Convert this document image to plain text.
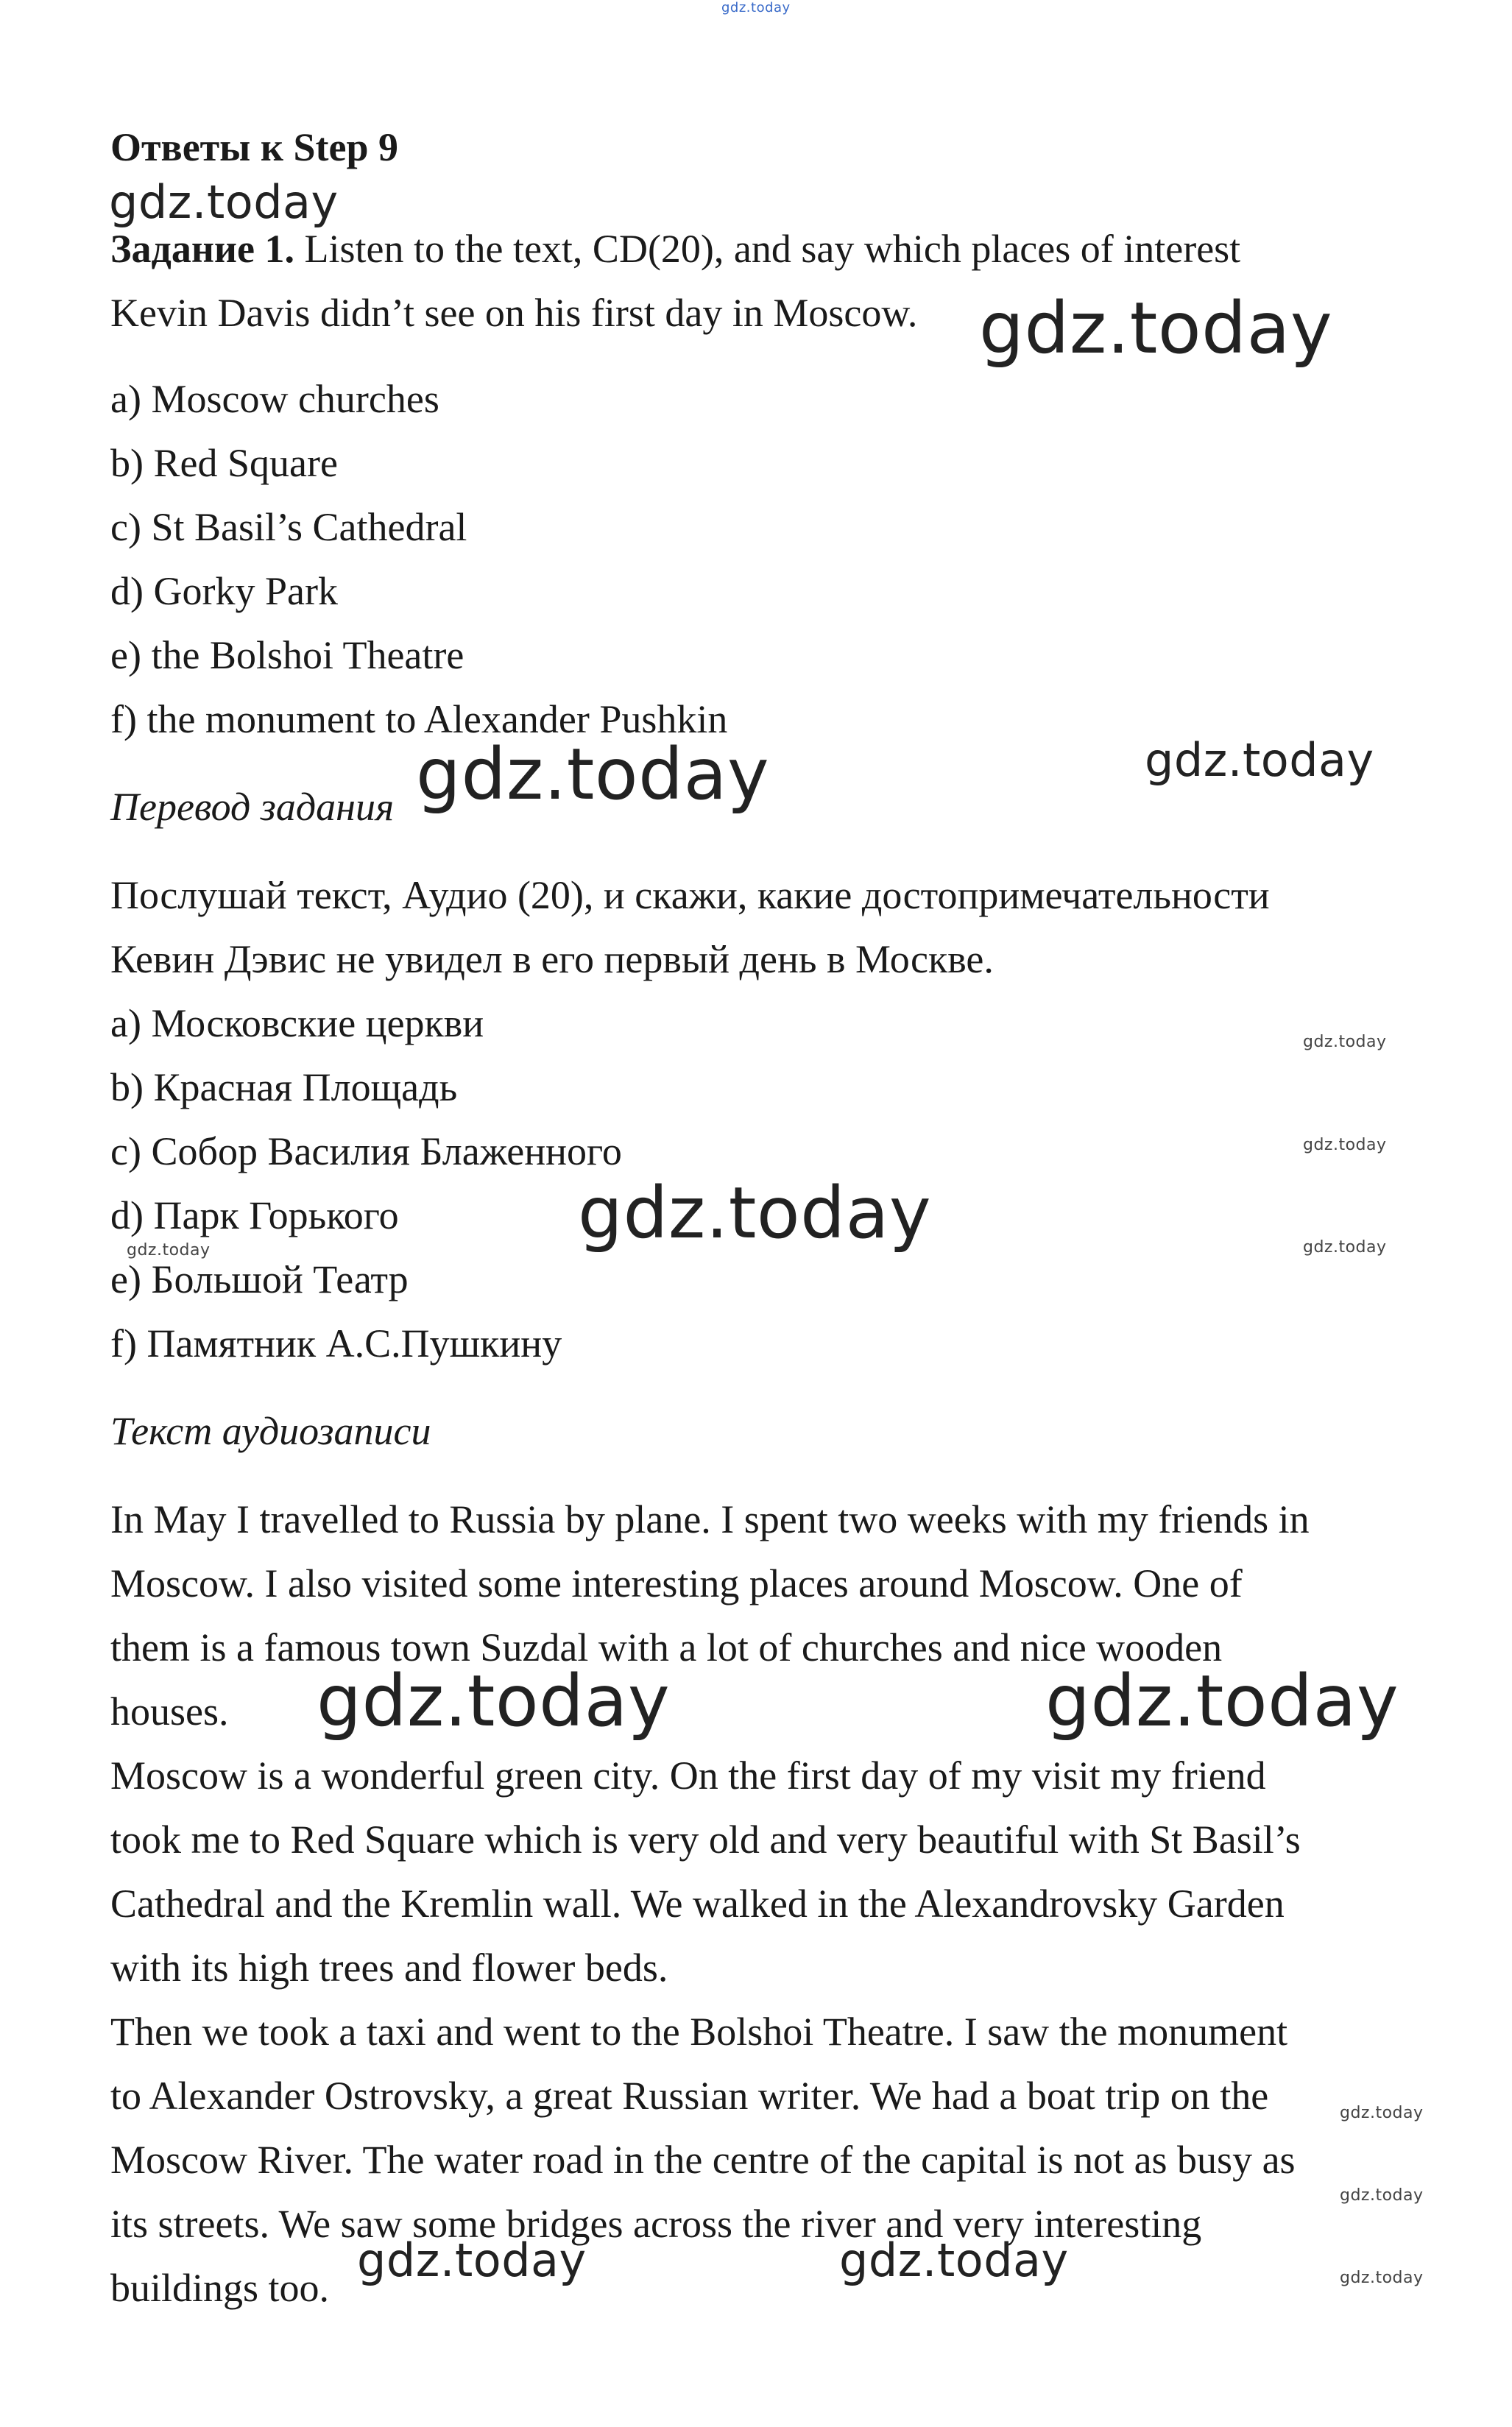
gdz.today

Ответы к Step 9

gdz.today

Задание 1. Listen to the text, CD(20), and say which places of interest

Kevin Davis didn’t see on his first day in Moscow. gdz.today

a) Moscow churches

b) Red Square

c) St Basil’s Cathedral

d) Gorky Park

e) the Bolshoi Theatre

f) the monument to Alexander Pushkin

Перевод задания gdz.today	gdz.today

Послушай текст, Аудио (20), и скажи, какие достопримечательности

Кевин Дэвис не увидел в его первый день в Москве.

a) Московские церкви

b) Красная Площадь

c) Собор Василия Блаженного

d) Парк Горького

e) Большой Театр

f) Памятник А.С.Пушкину

gdz.today
gdz.today
gdz.today
gdz.today	gdz.today

Текст аудиозаписи

In May I travelled to Russia by plane. I spent two weeks with my friends in

Moscow. I also visited some interesting places around Moscow. One of

them is a famous town Suzdal with a lot of churches and nice wooden

houses.

Moscow is a wonderful green city. On the first day of my visit my friend

took me to Red Square which is very old and very beautiful with St Basil’s

Cathedral and the Kremlin wall. We walked in the Alexandrovsky Garden

with its high trees and flower beds.

Then we took a taxi and went to the Bolshoi Theatre. I saw the monument

to Alexander Ostrovsky, a great Russian writer. We had a boat trip on the

Moscow River. The water road in the centre of the capital is not as busy as

its streets. We saw some bridges across the river and very interesting

buildings too.

gdz.today	gdz.today
gdz.today
gdz.today
gdz.today
gdz.today	gdz.today
